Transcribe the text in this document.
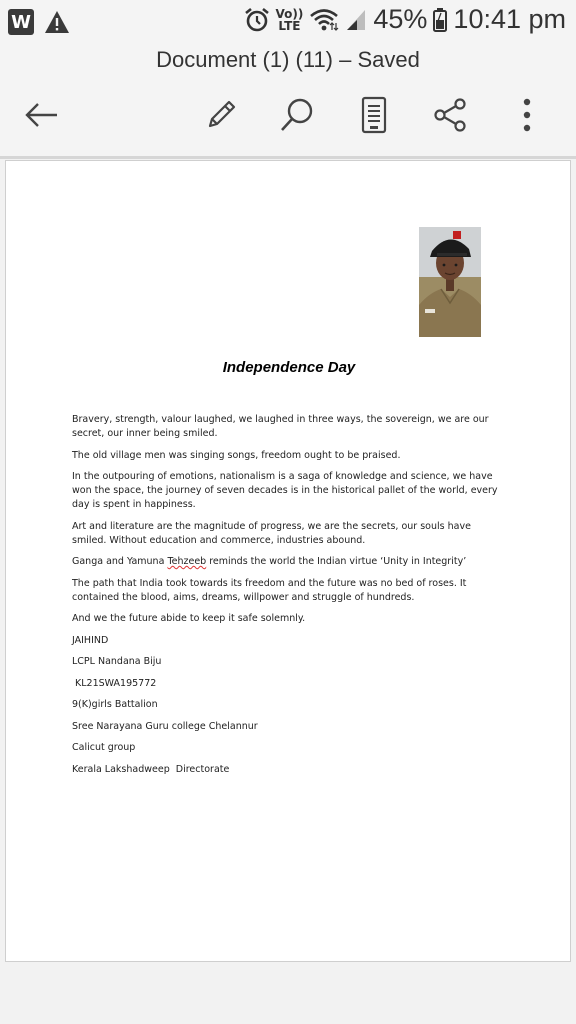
W	Vo))
LTE	45% 10:41 pm
Document (1) (11) – Saved
Independence Day

Bravery, strength, valour laughed, we laughed in three ways, the sovereign, we are our secret, our inner being smiled.

The old village men was singing songs, freedom ought to be praised.

In the outpouring of emotions, nationalism is a saga of knowledge and science, we have won the space, the journey of seven decades is in the historical pallet of the world, every day is spent in happiness.

Art and literature are the magnitude of progress, we are the secrets, our souls have smiled. Without education and commerce, industries abound.

Ganga and Yamuna Tehzeeb reminds the world the Indian virtue ‘Unity in Integrity’

The path that India took towards its freedom and the future was no bed of roses. It contained the blood, aims, dreams, willpower and struggle of hundreds.

And we the future abide to keep it safe solemnly.

JAIHIND

LCPL Nandana Biju

KL21SWA195772

9(K)girls Battalion

Sree Narayana Guru college Chelannur

Calicut group

Kerala Lakshadweep  Directorate
